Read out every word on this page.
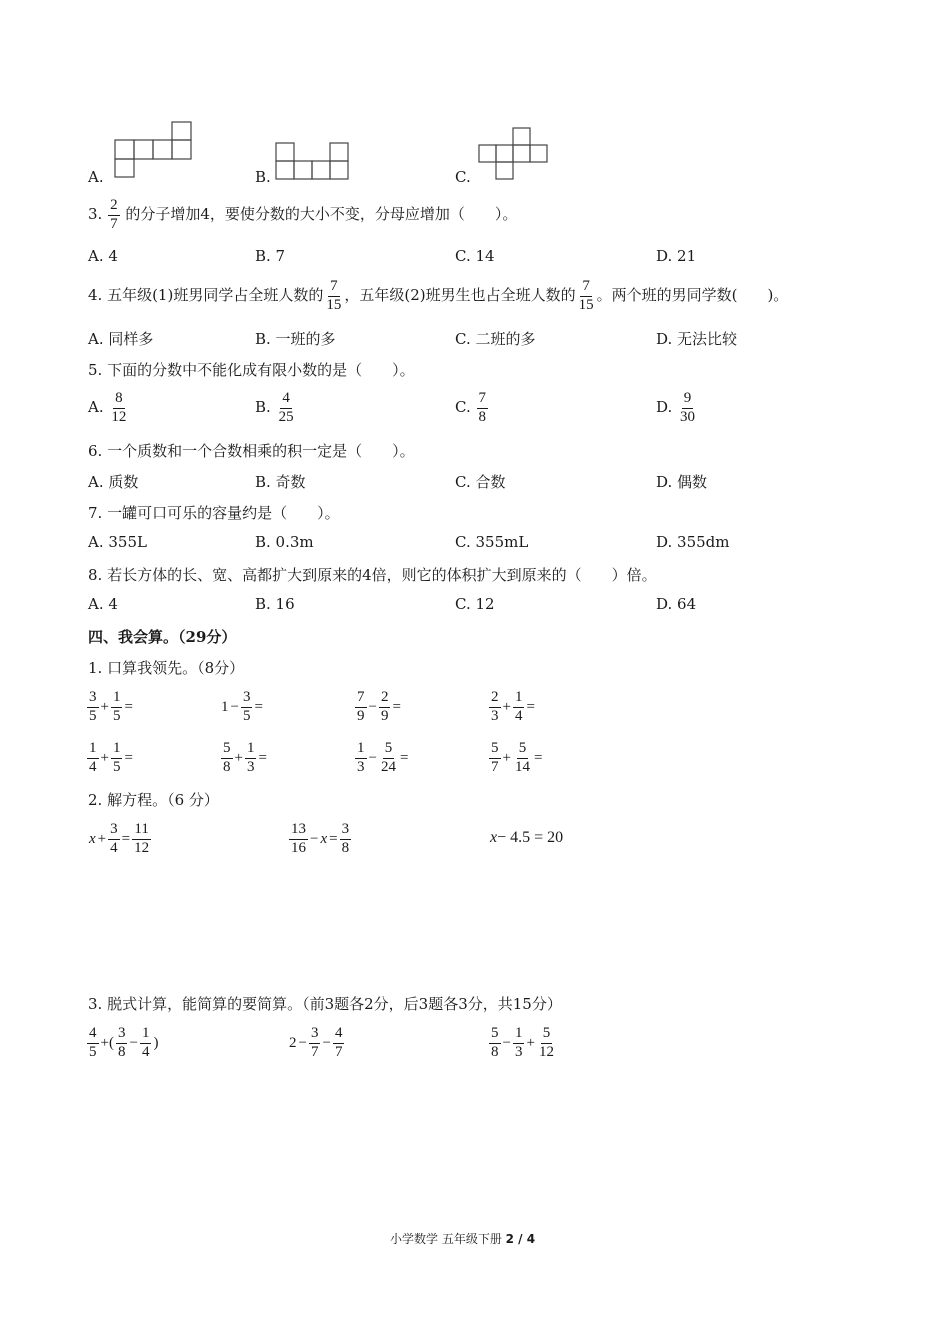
A.	B.	C.
3. $\frac{2}{7}$ 的分子增加4，要使分数的大小不变，分母应增加（　　）。
A. 4	B. 7	C. 14	D. 21
4. 五年级(1)班男同学占全班人数的 $\frac{7}{15}$ ，五年级(2)班男生也占全班人数的 $\frac{7}{15}$ 。两个班的男同学数(　　)。
A. 同样多	B. 一班的多	C. 二班的多	D. 无法比较
5. 下面的分数中不能化成有限小数的是（　　）。
A. $\frac{8}{12}$	B. $\frac{4}{25}$	C. $\frac{7}{8}$	D. $\frac{9}{30}$
6. 一个质数和一个合数相乘的积一定是（　　）。
A. 质数	B. 奇数	C. 合数	D. 偶数
7. 一罐可口可乐的容量约是（　　）。
A. 355L	B. 0.3m	C. 355mL	D. 355dm
8. 若长方体的长、宽、高都扩大到原来的4倍，则它的体积扩大到原来的（　　）倍。
A. 4	B. 16	C. 12	D. 64
四、我会算。（29分）
1. 口算我领先。（8分）
$\frac{3}{5} + \frac{1}{5}$ =	$1 - \frac{3}{5}$ =	$\frac{7}{9} - \frac{2}{9}$ =	$\frac{2}{3} + \frac{1}{4}$ =
$\frac{1}{4} + \frac{1}{5}$ =	$\frac{5}{8} + \frac{1}{3}$ =	$\frac{1}{3} - \frac{5}{24}$ =	$\frac{5}{7} + \frac{5}{14}$ =
2. 解方程。（6 分）
$x + \frac{3}{4} = \frac{11}{12}$	$\frac{13}{16} - x = \frac{3}{8}$	x− 4.5 = 20
3. 脱式计算，能简算的要简算。（前3题各2分，后3题各3分，共15分）
$\frac{4}{5}$ +( $\frac{3}{8} - \frac{1}{4}$ )	$2 - \frac{3}{7} - \frac{4}{7}$	$\frac{5}{8} - \frac{1}{3} + \frac{5}{12}$
小学数学 五年级下册 2 / 4
